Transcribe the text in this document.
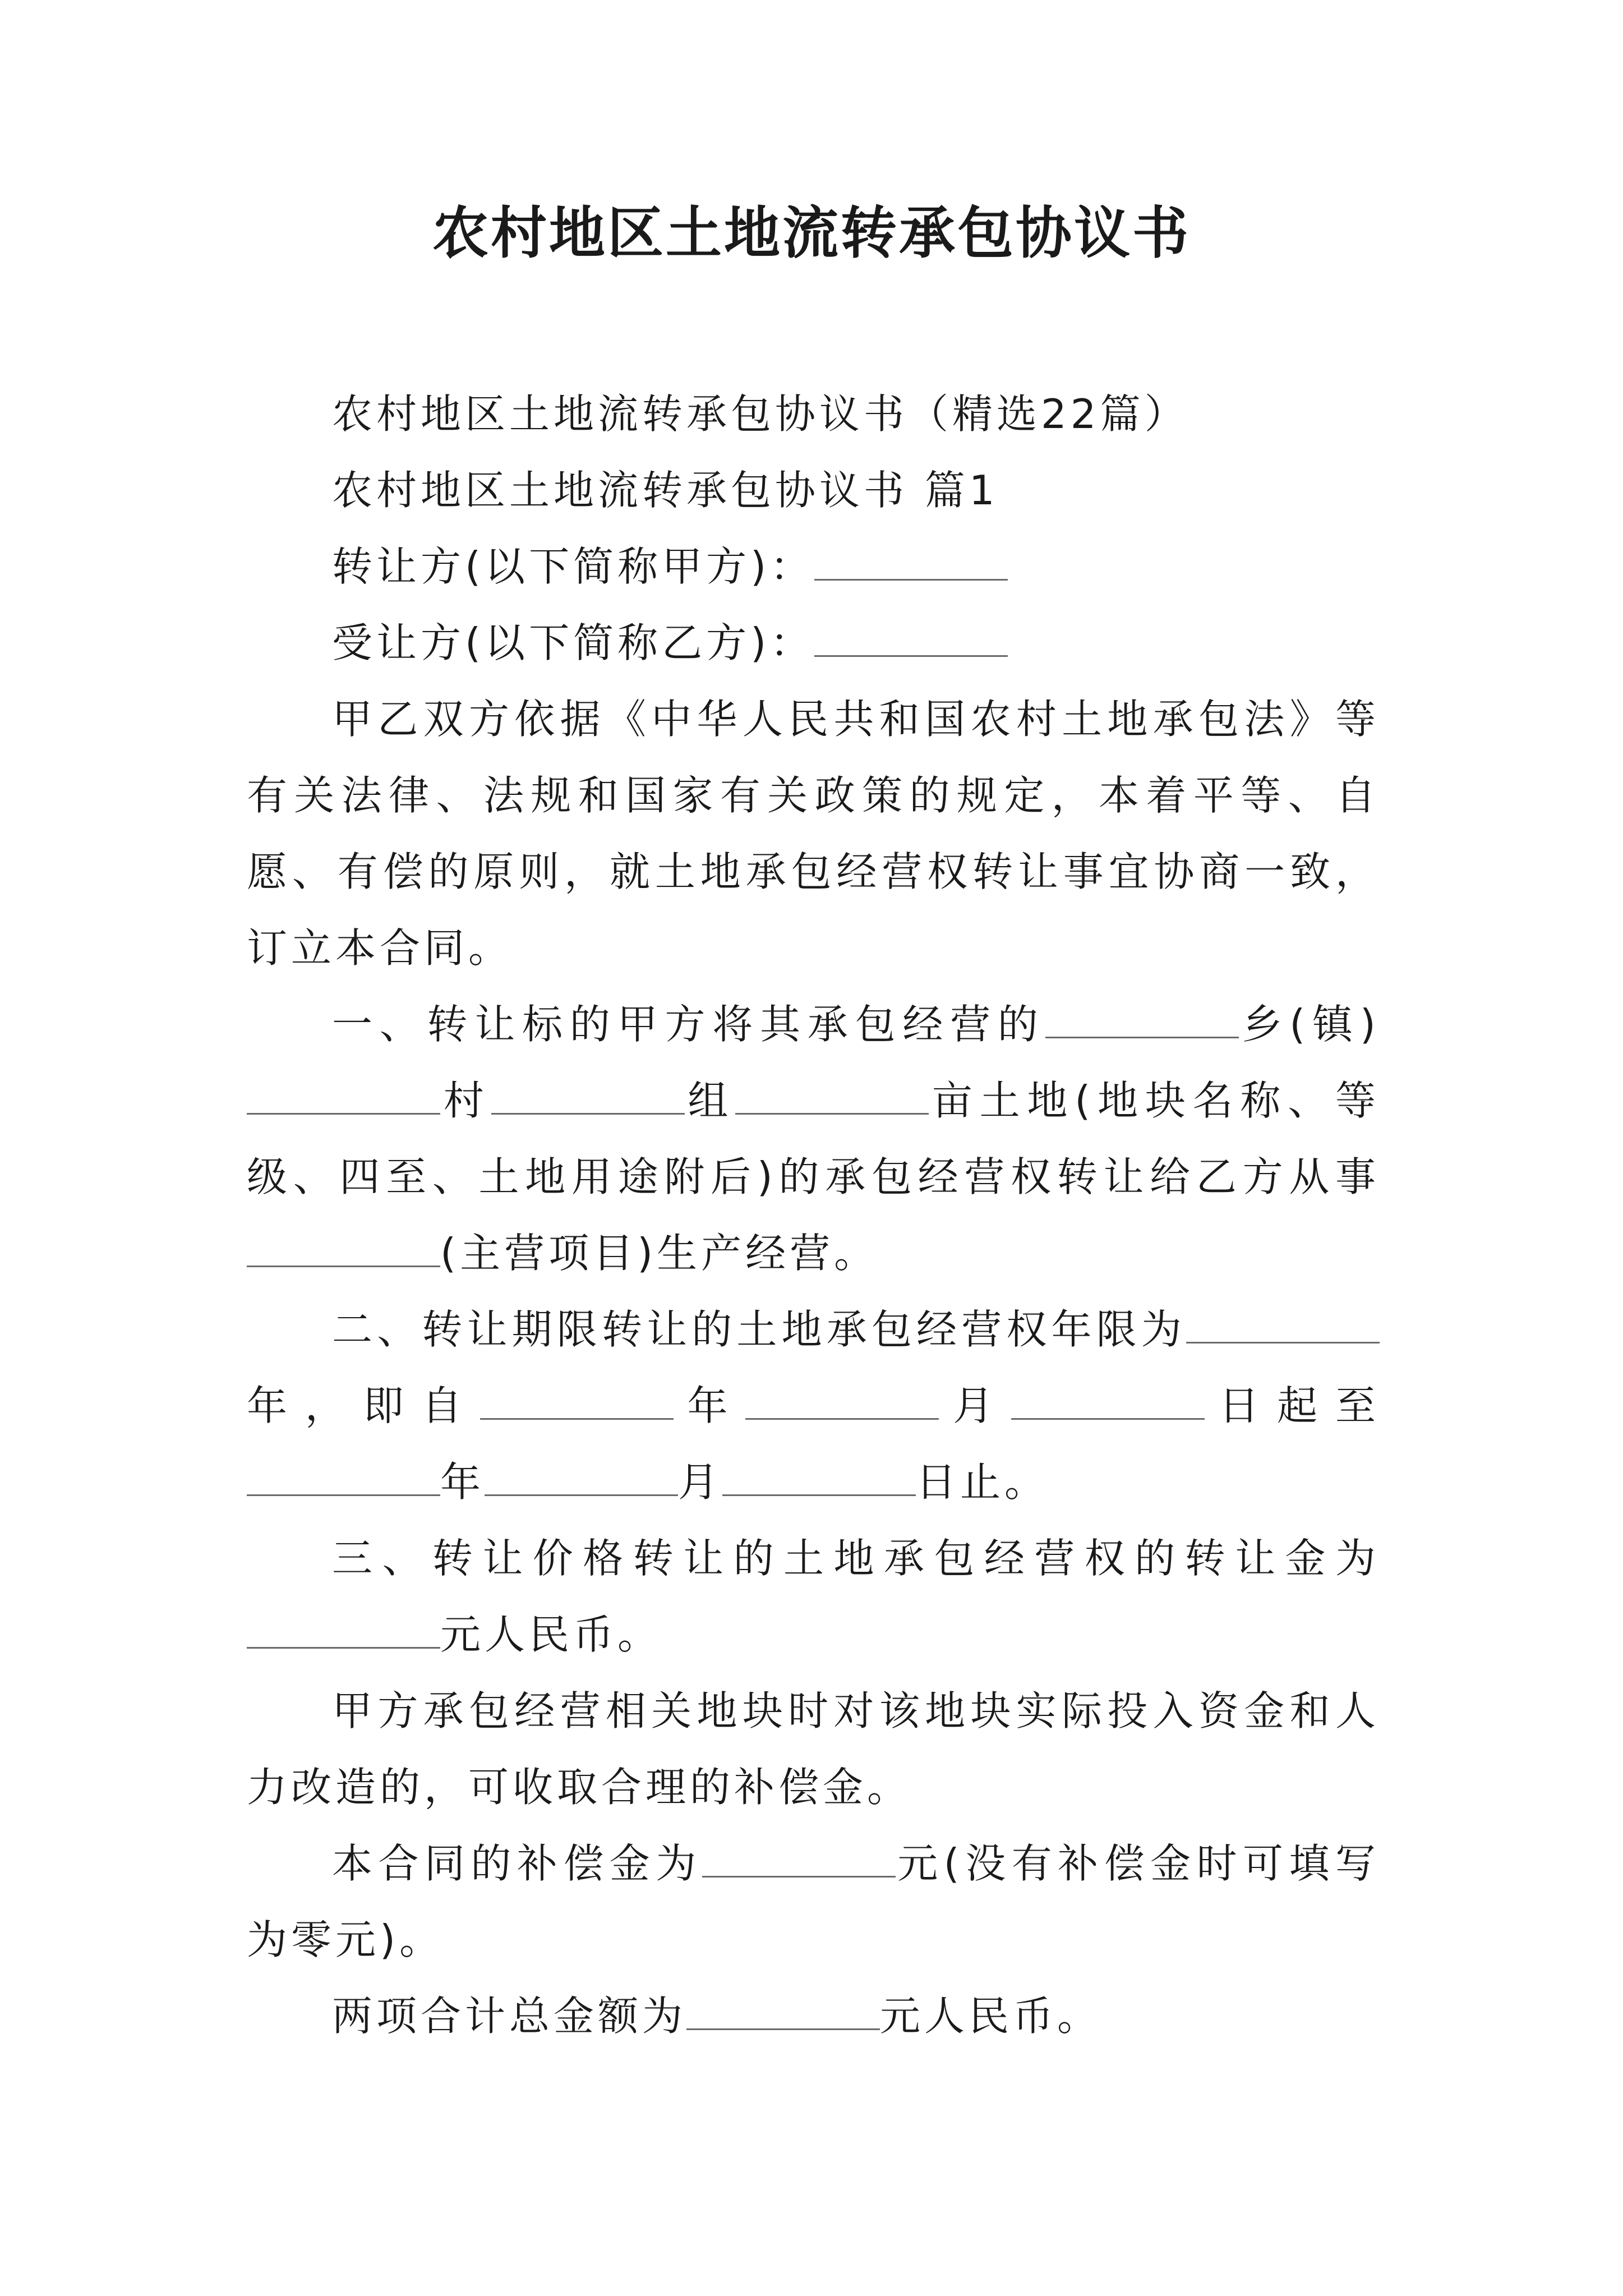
农村地区土地流转承包协议书

农村地区土地流转承包协议书（精选22篇）

农村地区土地流转承包协议书 篇1

转让方(以下简称甲方)：

受让方(以下简称乙方)：

甲乙双方依据《中华人民共和国农村土地承包法》等有关法律、法规和国家有关政策的规定，本着平等、自愿、有偿的原则，就土地承包经营权转让事宜协商一致，订立本合同。

一、转让标的甲方将其承包经营的	乡(镇)村	组	亩土地(地块名称、等级、四至、土地用途附后)的承包经营权转让给乙方从事(主营项目)生产经营。

二、转让期限转让的土地承包经营权年限为年，即自	年	月	日起至年	月	日止。

三、转让价格转让的土地承包经营权的转让金为元人民币。

甲方承包经营相关地块时对该地块实际投入资金和人力改造的，可收取合理的补偿金。

本合同的补偿金为	元(没有补偿金时可填写为零元)。

两项合计总金额为	元人民币。
